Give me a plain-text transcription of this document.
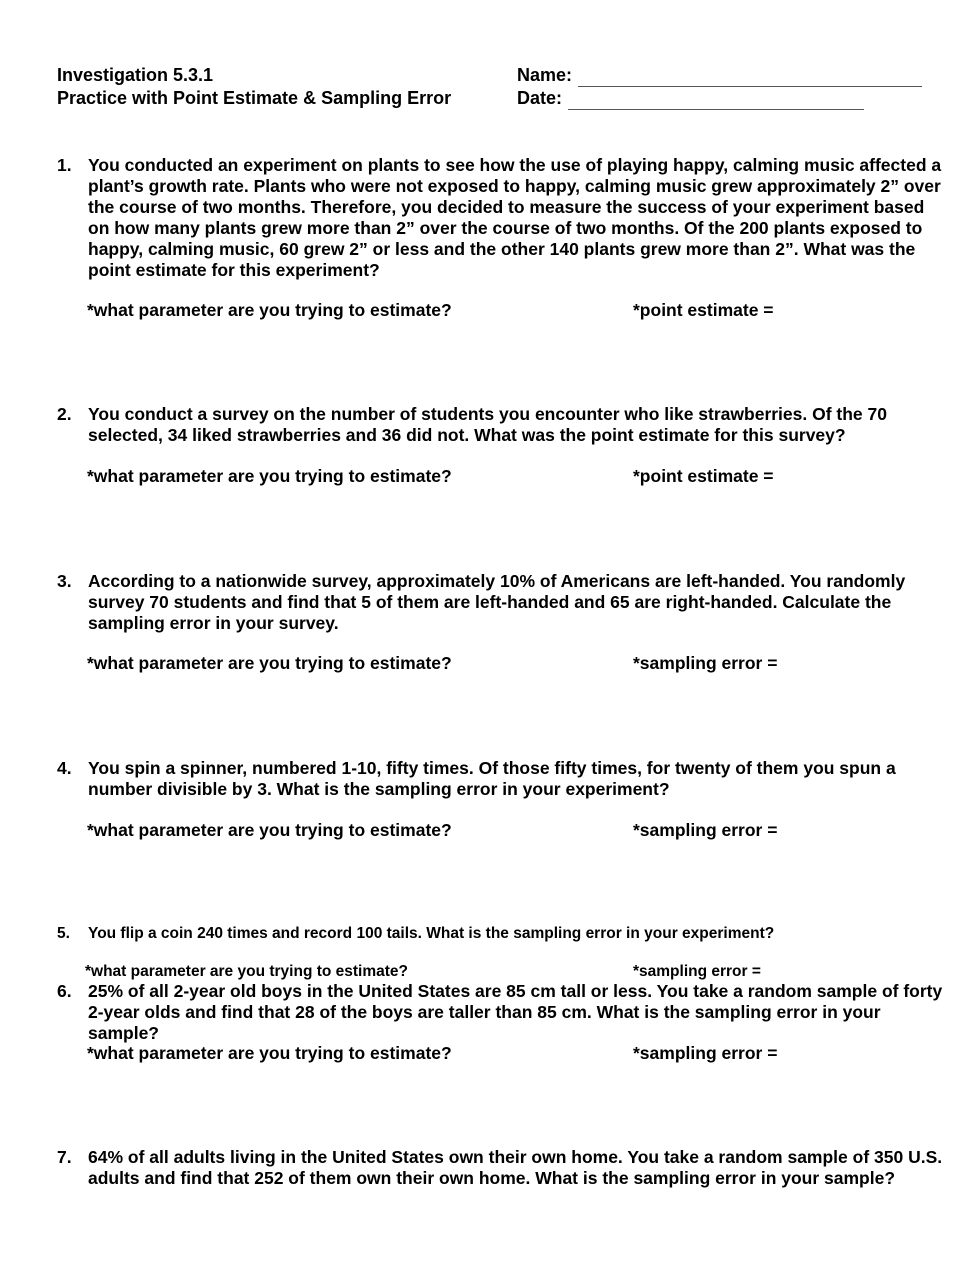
Investigation 5.3.1
Practice with Point Estimate & Sampling Error
Name:
Date:
1. You conducted an experiment on plants to see how the use of playing happy, calming music affected a plant’s growth rate. Plants who were not exposed to happy, calming music grew approximately 2” over the course of two months. Therefore, you decided to measure the success of your experiment based on how many plants grew more than 2” over the course of two months. Of the 200 plants exposed to happy, calming music, 60 grew 2” or less and the other 140 plants grew more than 2”. What was the point estimate for this experiment?
*what parameter are you trying to estimate?	*point estimate =
2. You conduct a survey on the number of students you encounter who like strawberries. Of the 70 selected, 34 liked strawberries and 36 did not. What was the point estimate for this survey?
*what parameter are you trying to estimate?	*point estimate =
3. According to a nationwide survey, approximately 10% of Americans are left-handed. You randomly survey 70 students and find that 5 of them are left-handed and 65 are right-handed. Calculate the sampling error in your survey.
*what parameter are you trying to estimate?	*sampling error =
4. You spin a spinner, numbered 1-10, fifty times. Of those fifty times, for twenty of them you spun a number divisible by 3. What is the sampling error in your experiment?
*what parameter are you trying to estimate?	*sampling error =
5. You flip a coin 240 times and record 100 tails. What is the sampling error in your experiment?
*what parameter are you trying to estimate?	*sampling error =
6. 25% of all 2-year old boys in the United States are 85 cm tall or less. You take a random sample of forty 2-year olds and find that 28 of the boys are taller than 85 cm. What is the sampling error in your sample?
*what parameter are you trying to estimate?	*sampling error =
7. 64% of all adults living in the United States own their own home. You take a random sample of 350 U.S. adults and find that 252 of them own their own home. What is the sampling error in your sample?
